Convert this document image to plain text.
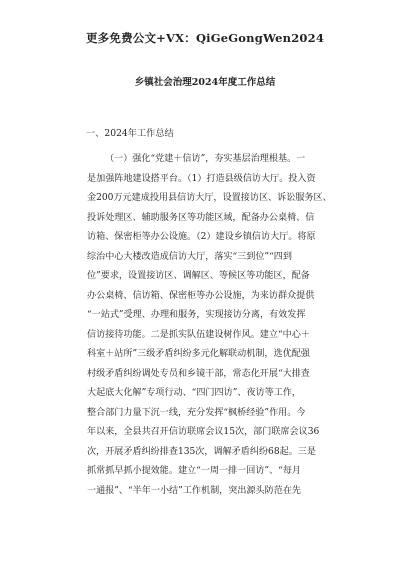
更多免费公文+VX：QiGeGongWen2024
乡镇社会治理2024年度工作总结
一、2024年工作总结
（一）强化“党建＋信访”，夯实基层治理根基。一
是加强阵地建设搭平台。（1）打造县级信访大厅。投入资
金200万元建成投用县信访大厅，设置接访区、诉讼服务区、
投诉处理区、辅助服务区等功能区域，配备办公桌椅、信
访箱、保密柜等办公设施。（2）建设乡镇信访大厅。将原
综治中心大楼改造成信访大厅，落实“三到位”“四到
位”要求，设置接访区、调解区、等候区等功能区，配备
办公桌椅、信访箱、保密柜等办公设施，为来访群众提供
“一站式”受理、办理和服务，实现接访分离，有效发挥
信访接待功能。二是抓实队伍建设树作风。建立“中心＋
科室＋站所”三级矛盾纠纷多元化解联动机制，选优配强
村级矛盾纠纷调处专员和乡镜干部，常态化开展“大排查
大起底大化解”专项行动、“四门四访”、夜访等工作，
整合部门力量下沉一线，充分发挥“枫桥经验”作用。今
年以来，全县共召开信访联席会议15次，部门联席会议36
次，开展矛盾纠纷排查135次，调解矛盾纠纷68起。三是
抓常抓早抓小提效能。建立“一周一排一回访”、“每月
一通报”、“半年一小结”工作机制，突出源头防范在先
